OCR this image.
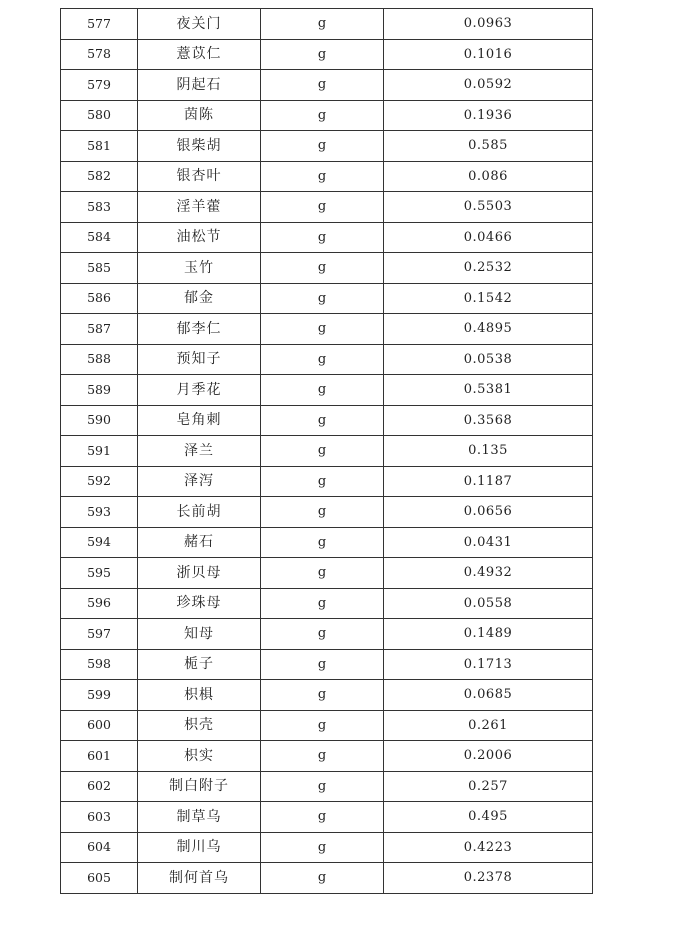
577	夜关门	g	0.0963
578	薏苡仁	g	0.1016
579	阴起石	g	0.0592
580	茵陈	g	0.1936
581	银柴胡	g	0.585
582	银杏叶	g	0.086
583	淫羊藿	g	0.5503
584	油松节	g	0.0466
585	玉竹	g	0.2532
586	郁金	g	0.1542
587	郁李仁	g	0.4895
588	预知子	g	0.0538
589	月季花	g	0.5381
590	皂角刺	g	0.3568
591	泽兰	g	0.135
592	泽泻	g	0.1187
593	长前胡	g	0.0656
594	赭石	g	0.0431
595	浙贝母	g	0.4932
596	珍珠母	g	0.0558
597	知母	g	0.1489
598	栀子	g	0.1713
599	枳椇	g	0.0685
600	枳壳	g	0.261
601	枳实	g	0.2006
602	制白附子	g	0.257
603	制草乌	g	0.495
604	制川乌	g	0.4223
605	制何首乌	g	0.2378
